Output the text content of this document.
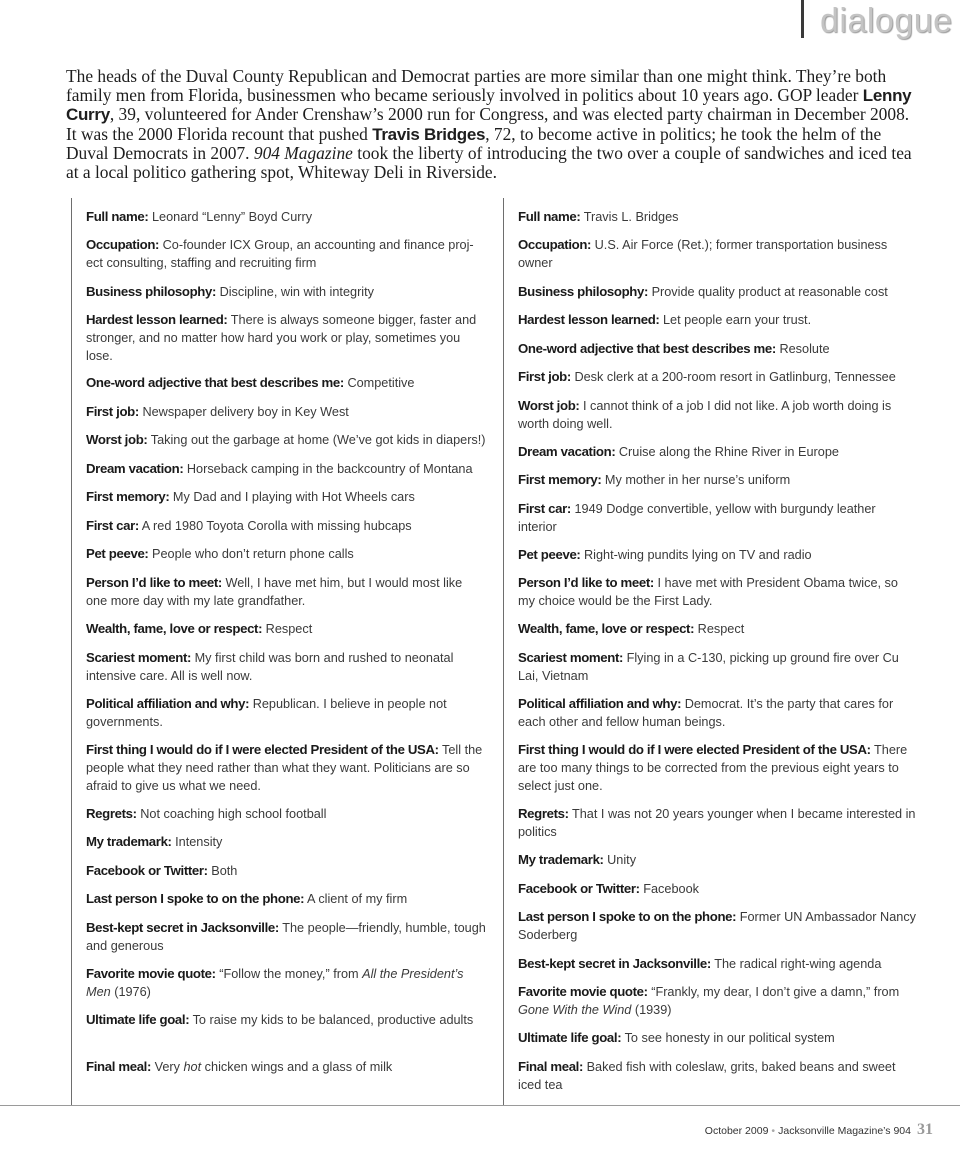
dialogue

The heads of the Duval County Republican and Democrat parties are more similar than one might think. They’re both family men from Florida, businessmen who became seriously involved in politics about 10 years ago. GOP leader Lenny Curry, 39, volunteered for Ander Crenshaw’s 2000 run for Congress, and was elected party chairman in December 2008. It was the 2000 Florida recount that pushed Travis Bridges, 72, to become active in politics; he took the helm of the Duval Democrats in 2007. 904 Magazine took the liberty of introducing the two over a couple of sandwiches and iced tea at a local politico gathering spot, Whiteway Deli in Riverside.

Full name: Leonard “Lenny” Boyd Curry

Occupation: Co-founder ICX Group, an accounting and finance proj-ect consulting, staffing and recruiting firm

Business philosophy: Discipline, win with integrity

Hardest lesson learned: There is always someone bigger, faster and stronger, and no matter how hard you work or play, sometimes you lose.

One-word adjective that best describes me: Competitive

First job: Newspaper delivery boy in Key West

Worst job: Taking out the garbage at home (We’ve got kids in diapers!)

Dream vacation: Horseback camping in the backcountry of Montana

First memory: My Dad and I playing with Hot Wheels cars

First car: A red 1980 Toyota Corolla with missing hubcaps

Pet peeve: People who don’t return phone calls

Person I’d like to meet: Well, I have met him, but I would most like one more day with my late grandfather.

Wealth, fame, love or respect: Respect

Scariest moment: My first child was born and rushed to neonatal intensive care. All is well now.

Political affiliation and why: Republican. I believe in people not governments.

First thing I would do if I were elected President of the USA: Tell the people what they need rather than what they want. Politicians are so afraid to give us what we need.

Regrets: Not coaching high school football

My trademark: Intensity

Facebook or Twitter: Both

Last person I spoke to on the phone: A client of my firm

Best-kept secret in Jacksonville: The people—friendly, humble, tough and generous

Favorite movie quote: “Follow the money,” from All the President’s Men (1976)

Ultimate life goal: To raise my kids to be balanced, productive adults

Final meal: Very hot chicken wings and a glass of milk

Full name: Travis L. Bridges

Occupation: U.S. Air Force (Ret.); former transportation business owner

Business philosophy: Provide quality product at reasonable cost

Hardest lesson learned: Let people earn your trust.

One-word adjective that best describes me: Resolute

First job: Desk clerk at a 200-room resort in Gatlinburg, Tennessee

Worst job: I cannot think of a job I did not like. A job worth doing is worth doing well.

Dream vacation: Cruise along the Rhine River in Europe

First memory: My mother in her nurse’s uniform

First car: 1949 Dodge convertible, yellow with burgundy leather interior

Pet peeve: Right-wing pundits lying on TV and radio

Person I’d like to meet: I have met with President Obama twice, so my choice would be the First Lady.

Wealth, fame, love or respect: Respect

Scariest moment: Flying in a C-130, picking up ground fire over Cu Lai, Vietnam

Political affiliation and why: Democrat. It’s the party that cares for each other and fellow human beings.

First thing I would do if I were elected President of the USA: There are too many things to be corrected from the previous eight years to select just one.

Regrets: That I was not 20 years younger when I became interested in politics

My trademark: Unity

Facebook or Twitter: Facebook

Last person I spoke to on the phone: Former UN Ambassador Nancy Soderberg

Best-kept secret in Jacksonville: The radical right-wing agenda

Favorite movie quote: “Frankly, my dear, I don’t give a damn,” from Gone With the Wind (1939)

Ultimate life goal: To see honesty in our political system

Final meal: Baked fish with coleslaw, grits, baked beans and sweet iced tea

October 2009 • Jacksonville Magazine’s 904 31
